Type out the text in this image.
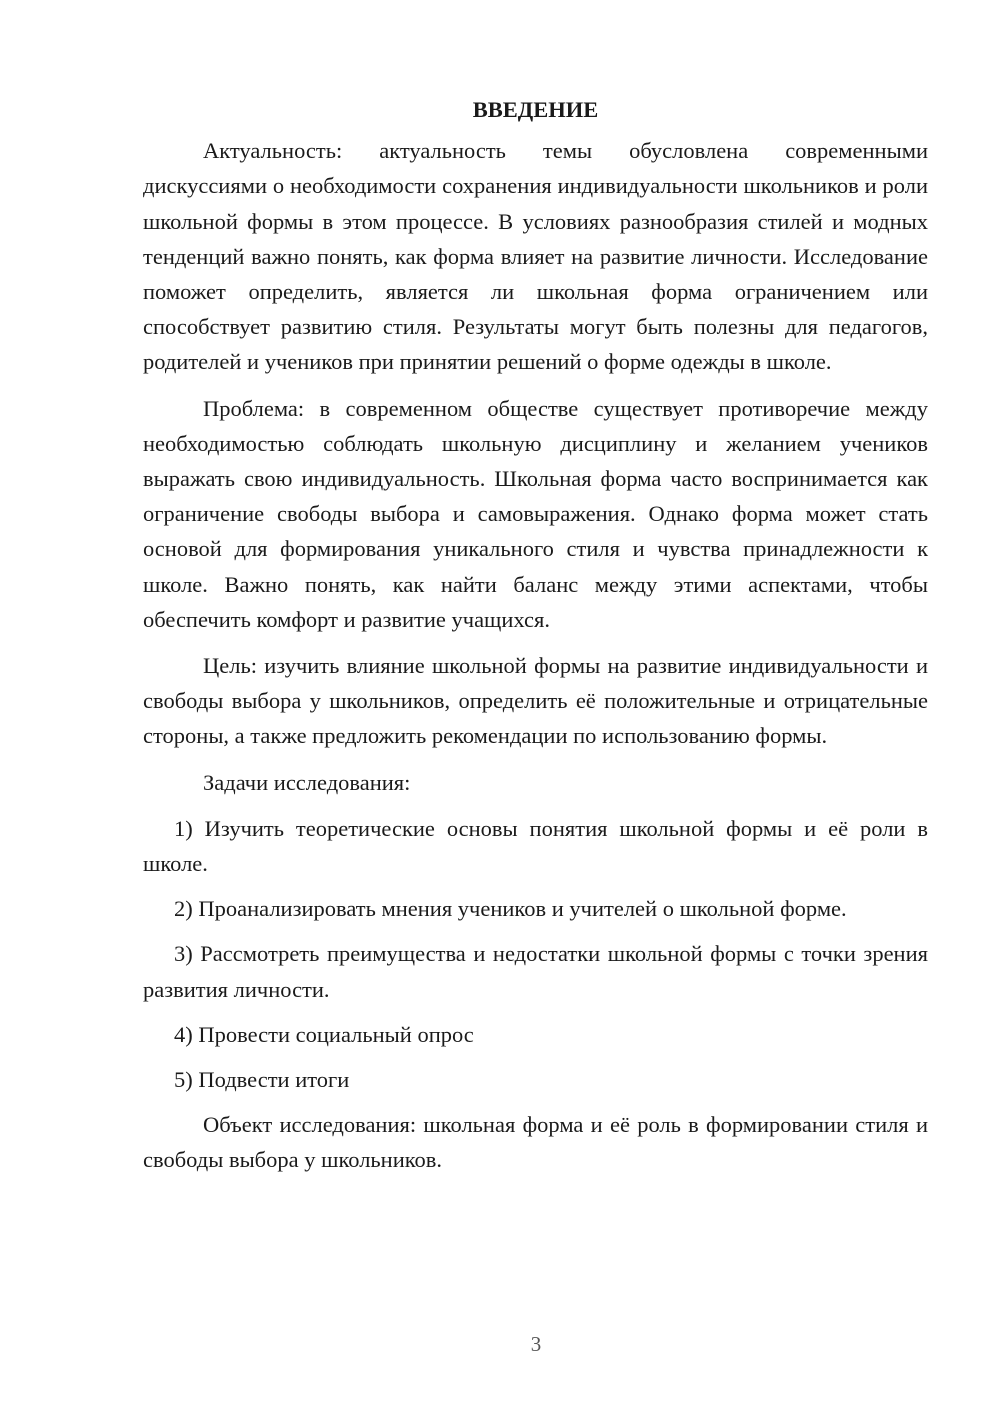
ВВЕДЕНИЕ

Актуальность: актуальность темы обусловлена современными дискуссиями о необходимости сохранения индивидуальности школьников и роли школьной формы в этом процессе. В условиях разнообразия стилей и модных тенденций важно понять, как форма влияет на развитие личности. Исследование поможет определить, является ли школьная форма ограничением или способствует развитию стиля. Результаты могут быть полезны для педагогов, родителей и учеников при принятии решений о форме одежды в школе.

Проблема: в современном обществе существует противоречие между необходимостью соблюдать школьную дисциплину и желанием учеников выражать свою индивидуальность. Школьная форма часто воспринимается как ограничение свободы выбора и самовыражения. Однако форма может стать основой для формирования уникального стиля и чувства принадлежности к школе. Важно понять, как найти баланс между этими аспектами, чтобы обеспечить комфорт и развитие учащихся.

Цель: изучить влияние школьной формы на развитие индивидуальности и свободы выбора у школьников, определить её положительные и отрицательные стороны, а также предложить рекомендации по использованию формы.

Задачи исследования:

1) Изучить теоретические основы понятия школьной формы и её роли в школе.

2) Проанализировать мнения учеников и учителей о школьной форме.

3) Рассмотреть преимущества и недостатки школьной формы с точки зрения развития личности.

4) Провести социальный опрос

5) Подвести итоги

Объект исследования: школьная форма и её роль в формировании стиля и свободы выбора у школьников.

3
